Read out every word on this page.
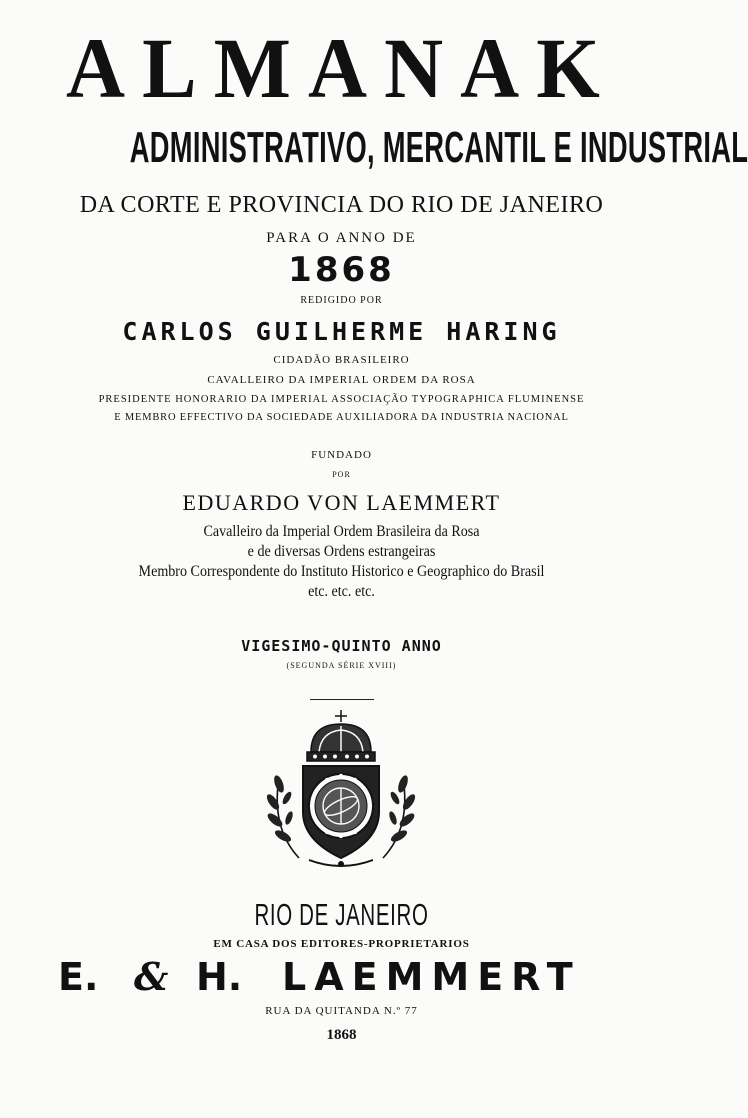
ALMANAK
ADMINISTRATIVO, MERCANTIL E INDUSTRIAL
DA CORTE E PROVINCIA DO RIO DE JANEIRO
PARA O ANNO DE
1868
REDIGIDO POR
CARLOS GUILHERME HARING
CIDADÃO BRASILEIRO
CAVALLEIRO DA IMPERIAL ORDEM DA ROSA
PRESIDENTE HONORARIO DA IMPERIAL ASSOCIAÇÃO TYPOGRAPHICA FLUMINENSE
E MEMBRO EFFECTIVO DA SOCIEDADE AUXILIADORA DA INDUSTRIA NACIONAL
FUNDADO
POR
EDUARDO VON LAEMMERT
Cavalleiro da Imperial Ordem Brasileira da Rosa
e de diversas Ordens estrangeiras
Membro Correspondente do Instituto Historico e Geographico do Brasil
etc. etc. etc.
VIGESIMO-QUINTO ANNO
(SEGUNDA SÉRIE XVIII)
RIO DE JANEIRO
EM CASA DOS EDITORES-PROPRIETARIOS
E. & H. LAEMMERT
RUA DA QUITANDA N.º 77
1868
